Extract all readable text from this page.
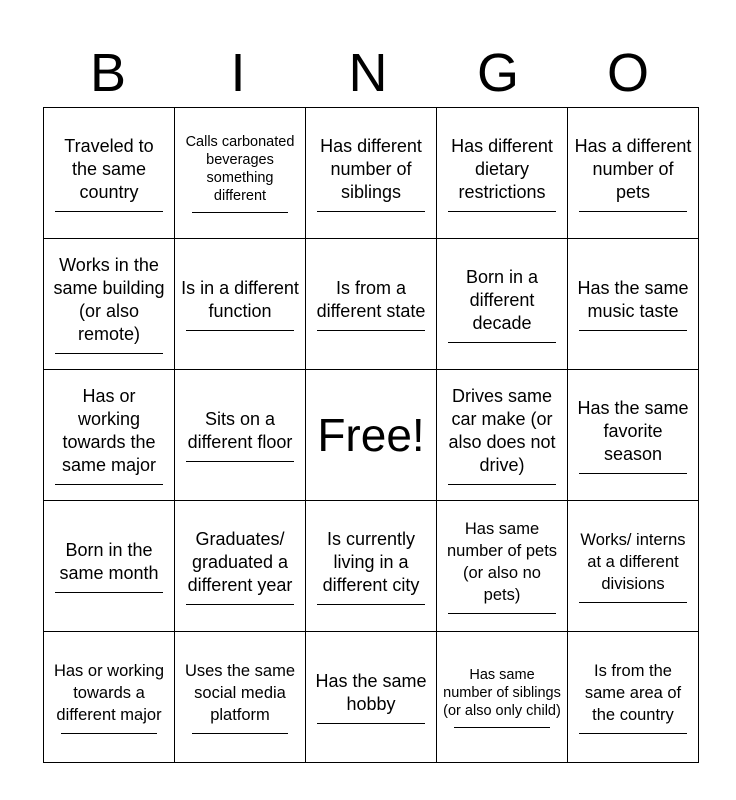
B	I	N	G	O
Traveled to the same country	Calls carbonated beverages something different	Has different number of siblings	Has different dietary restrictions	Has a different number of pets

Works in the same building (or also remote)	Is in a different function	Is from a different state	Born in a different decade	Has the same music taste

Has or working towards the same major	Sits on a different floor	Free!	Drives same car make (or also does not drive)	Has the same favorite season

Born in the same month	Graduates/ graduated a different year	Is currently living in a different city	Has same number of pets (or also no pets)	Works/ interns at a different divisions

Has or working towards a different major	Uses the same social media platform	Has the same hobby	Has same number of siblings (or also only child)	Is from the same area of the country
